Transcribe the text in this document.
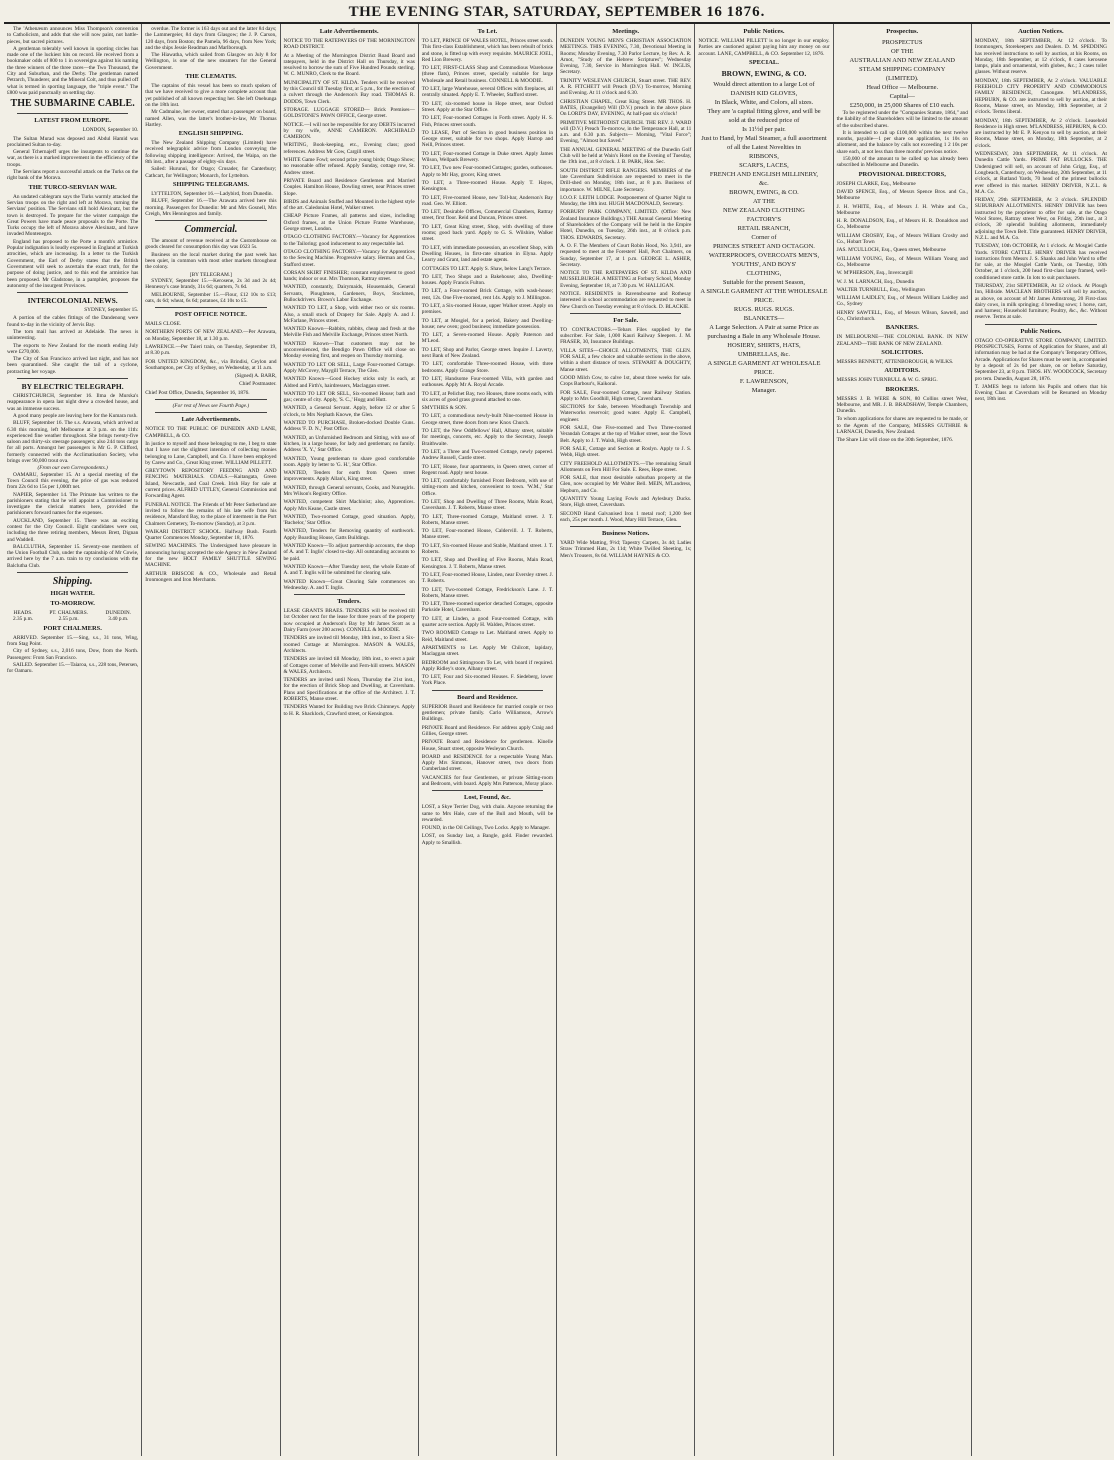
THE EVENING STAR, SATURDAY, SEPTEMBER 16 1876.

The 'Athenæum announces Miss Thompson's conversion to Catholicism, and adds that she will now paint, not battle-pieces, but sacred pictures.

A gentleman tolerably well known in sporting circles has made one of the luckiest hits on record. He received from a bookmaker odds of 800 to 1 in sovereigns against his naming the three winners of the three races—the Two Thousand, the City and Suburban, and the Derby. The gentleman named Petrarch, Thunderer, and the Mineral Colt, and thus pulled off what is termed in sporting language, the "triple event." The £800 was paid punctually on settling day.

THE SUBMARINE CABLE.
LATEST FROM EUROPE.

LONDON, September 10.

The Sultan Murad was deposed and Abdul Hamid was proclaimed Sultan to-day.

General Tchernajeff urges the insurgents to continue the war, as there is a marked improvement in the efficiency of the troops.

The Servians report a successful attack on the Turks on the right bank of the Morava.

THE TURCO-SERVIAN WAR.

An undated cablegram says the Turks warmly attacked the Servian troops on the right and left at Morava, turning the Servians' position. The Servians still hold Alexinatz, but the town is destroyed. To prepare for the winter campaign the Great Powers have made peace proposals to the Porte. The Turks occupy the left of Morava above Alexinatz, and have invaded Montenegro.

England has proposed to the Porte a month's armistice. Popular indignation is loudly expressed in England at Turkish atrocities, which are increasing. In a letter to the Turkish Government, the Earl of Derby states that the British Government will seek to ascertain the exact truth, for the purpose of doing justice, and to this end the armistice has been proposed. Mr Gladstone, in a pamphlet, proposes the autonomy of the insurgent Provinces.

INTERCOLONIAL NEWS.

SYDNEY, September 15.

A portion of the cables fittings of the Dandenong were found to-day in the vicinity of Jervis Bay.

The torn mail has arrived at Adelaide. The news is uninteresting.

The exports to New Zealand for the month ending July were £270,000.

The City of San Francisco arrived last night, and has not been quarantined. She caught the tail of a cyclone, protracting her voyage.

BY ELECTRIC TELEGRAPH.

CHRISTCHURCH, September 16. Ilma de Murska's reappearance in opera last night drew a crowded house, and was an immense success.

A good many people are leaving here for the Kumara rush.

BLUFF, September 16. The s.s. Arawata, which arrived at 6.30 this morning, left Melbourne at 3 p.m. on the 11th: experienced fine weather throughout. She brings twenty-five saloon and thirty-six steerage passengers; also 244 tons cargo for all ports. Amongst her passengers is Mr G. P. Clifford, formerly connected with the Acclimatisation Society, who brings over 90,000 trout ova.

(From our own Correspondents.)

OAMARU, September 15. At a special meeting of the Town Council this evening, the price of gas was reduced from 22s 6d to 15s per 1,000ft net.

NAPIER, September 14. The Primate has written to the parishioners stating that he will appoint a Commissioner to investigate the clerical matters here, provided the parishioners forward names for the expenses.

AUCKLAND, September 15. There was an exciting contest for the City Council. Eight candidates were out, including the three retiring members, Messrs Brett, Dignan and Waddell.

BALCLUTHA, September 15. Seventy-one members of the Union Football Club, under the captainship of Mr Cowie, arrived here by the 7 a.m. train to try conclusions with the Balclutha Club.

Shipping.
HIGH WATER.
TO-MORROW.
HEADS.	PT. CHALMERS.	DUNEDIN.
2.35 p.m.	2.55 p.m.	3.40 p.m.
PORT CHALMERS.

ARRIVED. September 15.—Sing, s.s., 31 tons, Wing, from Stag Point.

City of Sydney, s.s., 2,016 tons, Dow, from the North. Passengers: From San Francisco.

SAILED. September 15.—Taiaroa, s.s., 228 tons, Petersen, for Oamaru.

overdue. The former is 163 days out and the latter 84 days; the Lammergeier, 84 days from Glasgow; the J. P. Carson, 120 days, from Boston; the Pamela, 96 days, from New York; and the ships Jessie Readman and Marlborough.

The Hiawatha, which sailed from Glasgow on July 8 for Wellington, is one of the new steamers for the General Government.

THE CLEMATIS.

The captains of this vessel has been so much spoken of that we have received to give a more complete account than yet published of all known respecting her. She left Onehunga on the 18th inst.

Mr Cadmaine, her owner, stated that a passenger on board, named Allen, was the latter's brother-in-law, Mr Thomas Hartley.

ENGLISH SHIPPING.

The New Zealand Shipping Company (Limited) have received telegraphic advice from London conveying the following shipping intelligence: Arrived, the Waipa, on the 8th inst., after a passage of eighty-six days.

Sailed: Hurunui, for Otago; Crusader, for Canterbury; Cathcart, for Wellington; Monarch, for Lyttelton.

SHIPPING TELEGRAMS.

LYTTELTON, September 16.—Ladybird, from Dunedin.

BLUFF, September 16.—The Arawata arrived here this morning. Passengers for Dunedin: Mr and Mrs Gosnell, Mrs Creigh, Mrs Hennington and family.

Commercial.

The amount of revenue received at the Customhouse on goods cleared for consumption this day was £623 5s.

Business on the local market during the past week has been quiet, in common with most other markets throughout the colony.

[BY TELEGRAM.]

SYDNEY, September 15.—Kerosene, 2s 3d and 2s 4d; Hennessy's case brandy, 31s 6d; quartern, 7s 6d.

MELBOURNE, September 15.—Flour, £12 10s to £13; oats, 4s 6d; wheat, 6s 6d; potatoes, £4 10s to £5.

POST OFFICE NOTICE.

MAILS CLOSE.

NORTHERN PORTS OF NEW ZEALAND.—Per Arawata, on Monday, September 18, at 1.30 p.m.

LAWRENCE.—Per Taieri train, on Tuesday, September 19, at 8.30 p.m.

FOR UNITED KINGDOM, &c., via Brindisi, Ceylon and Southampton, per City of Sydney, on Wednesday, at 11 a.m.

(Signed) A. BARR,

Chief Postmaster.

Chief Post Office, Dunedin, September 16, 1876.

(For rest of News see Fourth Page.)

Late Advertisements.

NOTICE TO THE PUBLIC OF DUNEDIN AND LANE, CAMPBELL, & CO.

In justice to myself and those belonging to me, I beg to state that I have not the slightest intention of collecting monies belonging to Lane, Campbell, and Co. I have been employed by Carew and Co., Great King street. WILLIAM PILLETT.

GREYTOWN REPOSITORY FEEDING AND AND FENCING MATERIALS. COALS.—Kaitangata, Green Island, Newcastle, and Coal Creek. Irish Hay for sale at current prices. ALFRED UTTLEY, General Commission and Forwarding Agent.

FUNERAL NOTICE. The Friends of Mr Peter Sutherland are invited to follow the remains of his late wife from his residence, Mansford Bay, to the place of interment in the Port Chalmers Cemetery, To-morrow (Sunday), at 3 p.m.

WAIKARI DISTRICT SCHOOL. Halfway Bush. Fourth Quarter Commences Monday, September 18, 1876.

SEWING MACHINES. The Undersigned have pleasure in announcing having accepted the sole Agency in New Zealand for the new HOLT FAMILY SHUTTLE SEWING MACHINE.

ARTHUR BRISCOE & CO., Wholesale and Retail Ironmongers and Iron Merchants.

Late Advertisements.

NOTICE TO THE RATEPAYERS OF THE MORNINGTON ROAD DISTRICT.

At a Meeting of the Mornington District Road Board and ratepayers, held in the District Hall on Thursday, it was resolved to borrow the sum of Five Hundred Pounds sterling. W. C. MUNRO, Clerk to the Board.

MUNICIPALITY OF ST. KILDA. Tenders will be received by this Council till Tuesday first, at 5 p.m., for the erection of a culvert through the Anderson's Bay road. THOMAS R. DODDS, Town Clerk.

STORAGE. LUGGAGE STORED— Brick Premises— GOLDSTONE'S PAWN OFFICE, George street.

NOTICE.—I will not be responsible for any DEBTS incurred by my wife, ANNE CAMERON. ARCHIBALD CAMERON.

WRITING, Book-keeping, etc., Evening class; good references. Address Mr Gow, Cargill street.

WHITE Game Fowl; second prize young birds; Otago Show; no reasonable offer refused. Apply Sunday, cottage row, St. Andrew street.

PRIVATE Board and Residence Gentlemen and Married Couples. Hamilton House, Dowling street, near Princes street Slope.

BIRDS and Animals Stuffed and Mounted in the highest style of the art. Caledonian Hotel, Walker street.

CHEAP Picture Frames, all patterns and sizes, including Oxford frames, at the Union Picture Frame Warehouse, George street, London.

OTAGO CLOTHING FACTORY.—Vacancy for Apprentices to the Tailoring; good inducement to any respectable lad.

OTAGO CLOTHING FACTORY.—Vacancy for Apprentices to the Sewing Machine. Progressive salary. Herman and Co., Stafford street.

CORSAN SKIRT FINISHER; constant employment to good hands; indoor or out. Mrs Thomson, Rattray street.

WANTED, constantly, Dairymaids, Housemaids, General Servants, Ploughmen, Gardeners, Boys, Stockmen, Bullockdrivers. Brown's Labor Exchange.

WANTED TO LET, a Shop, with either two or six rooms. Also, a small stock of Drapery for Sale. Apply A. and J. McFarlane, Princes street.

WANTED Known—Rabbits, rabbits, cheap and fresh at the Melville Fish and Melville Exchange, Princes street North.

WANTED Known—That customers may not be unconvenienced, the Bendigo Pawn Office will close on Monday evening first, and reopen on Thursday morning.

WANTED TO LET OR SELL, Large Four-roomed Cottage. Apply McCovey, Maygill Terrace, The Glen.

WANTED Known—Good Hockey sticks only 1s each, at Aldred and Firth's, hairdressers, Maclaggan street.

WANTED TO LET OR SELL, Six-roomed House; bath and gas; centre of city. Apply, 'S. C.,' Hogg and Hutt.

WANTED, a General Servant. Apply, before 12 or after 5 o'clock, to Mrs Nephath Knowe, the Glen.

WANTED TO PURCHASE, Broken-docked Double Guns. Address 'F. D. N.,' Post Office.

WANTED, an Unfurnished Bedroom and Sitting, with use of kitchen, in a large house, for lady and gentleman; no family. Address 'X. Y.,' Star Office.

WANTED, Young gentleman to share good comfortable room. Apply by letter to 'G. H.', Star Office.

WANTED, Tenders for earth from Queen street improvements. Apply Allan's, King street.

WANTED, through General servants, Cooks, and Nursegirls. Mrs Wilson's Registry Office.

WANTED, competent Shirt Machinist; also, Apprentices. Apply Mrs Keane, Castle street.

WANTED, Two-roomed Cottage, good situation. Apply, 'Bachelor,' Star Office.

WANTED, Tenders for Removing quantity of earthwork. Apply Boarding House, Gatts Buildings.

WANTED Known—To adjust partnership accounts, the shop of A. and T. Inglis' closed to-day. All outstanding accounts to be paid.

WANTED Known—After Tuesday next, the whole Estate of A. and T. Inglis will be submitted for clearing sale.

WANTED Known—Great Clearing Sale commences on Wednesday. A. and T. Inglis.

Tenders.

LEASE GRANTS BRAES. TENDERS will be received till 1st October next for the lease for three years of the property now occupied at Anderson's Bay by Mr James Scott as a Dairy Farm (over 200 acres). CONNELL & MOODIE.

TENDERS are invited till Monday, 18th inst., to Erect a Six-roomed Cottage at Mornington. MASON & WALES, Architects.

TENDERS are invited till Monday, 18th inst., to erect a pair of Cottages corner of Melville and Fern-hill streets. MASON & WALES, Architects.

TENDERS are invited until Noon, Thursday the 21st inst., for the erection of Brick Shop and Dwelling, at Caversham. Plans and Specifications at the office of the Architect. J. T. ROBERTS, Manse street.

TENDERS Wanted for Building two Brick Chimneys. Apply to H. R. Shacklock, Crawford street, or Kensington.

To Let.

TO LET, PRINCE OF WALES HOTEL, Princes street south. This first-class Establishment, which has been rebuilt of brick and stone, is fitted up with every requisite. MAURICE JOEL, Red Lion Brewery.

TO LET, FIRST-CLASS Shop and Commodious Warehouse (three flats), Princes street, specially suitable for large Wholesale and Retail business. CONNELL & MOODIE.

TO LET, large Warehouse, several Offices with fireplaces, all centrally situated. Apply E. T. Wheeler, Stafford street.

TO LET, six-roomed house in Hope street, near Oxford Street. Apply at the Star Office.

TO LET, Four-roomed Cottages in Forth street. Apply H. S. Fish, Princes street south.

TO LEASE, Part of Section in good business position in George street, suitable for two shops. Apply Harrop and Neill, Princes street.

TO LET, Four-roomed Cottage in Duke street. Apply James Wilson, Wellpark Brewery.

TO LET, Two new Four-roomed Cottages; garden, outhouses. Apply to Mr Hay, grocer, King street.

TO LET, a Three-roomed House. Apply T. Hayes, Kensington.

TO LET, Five-roomed House, new Toll-bar, Anderson's Bay road. Geo. W. Elliott.

TO LET, Desirable Offices, Commercial Chambers, Rattray street, first floor. Reid and Duncan, Princes street.

TO LET, Great King street, Shop, with dwelling of three rooms; good back yard. Apply to G. S. Wilshire, Walker street.

TO LET, with immediate possession, an excellent Shop, with Dwelling Houses, in first-rate situation in Elyna. Apply Learry and Grant, land and estate agents.

COTTAGES TO LET. Apply S. Shaw, below Lang's Terrace.

TO LET, Two Shops and a Bakehouse; also, Dwelling-houses. Apply Francis Fulton.

TO LET, a Four-roomed Brick Cottage, with wash-house; rent, 12s. One Five-roomed, rent 14s. Apply to J. Millington.

TO LET, a Six-roomed House, upper Walker street. Apply on premises.

TO LET, at Mosgiel, for a period, Bakery and Dwelling-house; new oven; good business; immediate possession.

TO LET, a Seven-roomed House. Apply Paterson and M'Leod.

TO LET, Shop and Parlor, George street. Inquire J. Laverty, next Bank of New Zealand.

TO LET, comfortable Three-roomed House, with three bedrooms. Apply Grange Store.

TO LET, Handsome Four-roomed Villa, with garden and outhouses. Apply Mr A. Royal Arcade.

TO LET, at Pelichet Bay, two Houses, three rooms each, with six acres of good grass ground attached to one.

SMYTHIES & SON.

TO LET, a commodious newly-built Nine-roomed House in George street, three doors from new Knox Church.

TO LET, the New Oddfellows' Hall, Albany street, suitable for meetings, concerts, etc. Apply to the Secretary, Joseph Braithwaite.

TO LET, a Three and Two-roomed Cottage, newly papered. Andrew Russell, Castle street.

TO LET, House, four apartments, in Queen street, corner of Regent road. Apply next house.

TO LET, comfortably furnished Front Bedroom, with use of sitting-room and kitchen, convenient to town. 'W.M.,' Star Office.

TO LET, Shop and Dwelling of Three Rooms, Main Road, Caversham. J. T. Roberts, Manse street.

TO LET, Three-roomed Cottage, Maitland street. J. T. Roberts, Manse street.

TO LET, Four-roomed House, Caldervill. J. T. Roberts, Manse street.

TO LET, Six-roomed House and Stable, Maitland street. J. T. Roberts.

TO LET, Shop and Dwelling of Five Rooms, Main Road, Kensington. J. T. Roberts, Manse street.

TO LET, Four-roomed House, Linden, near Eversley street. J. T. Roberts.

TO LET, Two-roomed Cottage, Fredrickson's Lane. J. T. Roberts, Manse street.

TO LET, Three-roomed superior detached Cottages, opposite Parkside Hotel, Caversham.

TO LET, at Linden, a good Four-roomed Cottage, with quarter acre section. Apply H. Walden, Princes street.

TWO ROOMED Cottage to Let. Maitland street. Apply to Reid, Maitland street.

APARTMENTS to Let. Apply Mr Chilcott, lapidary, Maclaggan street.

BEDROOM and Sittingroom To Let, with board if required. Apply Ridley's store, Albany street.

TO LET, Four and Six-roomed Houses. F. Siedeberg, lower York Place.

Board and Residence.

SUPERIOR Board and Residence for married couple or two gentlemen; private family. Carlo Williamson, Arrow's Buildings.

PRIVATE Board and Residence. For address apply Craig and Gillies, George street.

PRIVATE Board and Residence for gentlemen. Kinelle House, Stuart street, opposite Wesleyan Church.

BOARD and RESIDENCE for a respectable Young Man. Apply Mrs Simmons, Hanover street, two doors from Cumberland street.

VACANCIES for four Gentlemen, or private Sitting-room and Bedroom, with board. Apply Mrs Patterson, Moray place.

Lost, Found, &c.

LOST, a Skye Terrier Dog, with chain. Anyone returning the same to Mrs Hale, care of the Bull and Mouth, will be rewarded.

FOUND, in the Oil Ceilings, Two Locks. Apply to Manager.

LOST, on Sunday last, a Bangle, gold. Finder rewarded. Apply to Smallish.

Meetings.

DUNEDIN YOUNG MEN'S CHRISTIAN ASSOCIATION MEETINGS. THIS EVENING, 7.30, Devotional Meeting in Rooms; Monday Evening, 7.30 Parlor Lecture, by Rev. A. R. Arnot, "Study of the Hebrew Scriptures"; Wednesday Evening, 7.30, Service in Mornington Hall. W. INGLIS, Secretary.

TRINITY WESLEYAN CHURCH, Stuart street. THE REV. A. R. FITCHETT will Preach (D.V.) To-morrow, Morning and Evening. At 11 o'clock and 6.30.

CHRISTIAN CHAPEL, Great King Street. MR THOS. H. BATES, (Evangelist) Will (D.V.) preach in the above place On LORD'S DAY, EVENING, At half-past six o'clock!

PRIMITIVE METHODIST CHURCH. THE REV. J. WARD will (D.V.) Preach To-morrow, in the Temperance Hall, at 11 a.m. and 6.30 p.m. Subjects— Morning, "Vital Force"; Evening, "Almost but Saved."

THE ANNUAL GENERAL MEETING of the Dunedin Golf Club will be held at Wain's Hotel on the Evening of Tuesday, the 19th inst., at 8 o'clock. J. B. PARK, Hon. Sec.

SOUTH DISTRICT RIFLE RANGERS. MEMBERS of the late Caversham Subdivision are requested to meet in the Drill-shed on Monday, 18th inst., at 8 p.m. Business of importance. W. MILNE, Late Secretary.

I.O.O.F. LEITH LODGE. Postponement of Quarter Night to Monday, the 18th inst. HUGH MACDONALD, Secretary.

FORBURY PARK COMPANY, LIMITED. (Office: New Zealand Insurance Buildings.) THE Annual General Meeting of Shareholders of the Company will be held in the Empire Hotel, Dunedin, on Tuesday, 26th inst., at 8 o'clock p.m. THOS. EDWARDS, Secretary.

A. O. F. The Members of Court Robin Hood, No. 3,941, are requested to meet at the Foresters' Hall, Port Chalmers, on Sunday, September 17, at 1 p.m. GEORGE L. ASHER, Secretary.

NOTICE TO THE RATEPAYERS OF ST. KILDA AND MUSSELBURGH. A MEETING at Forbury School, Monday Evening, September 18, at 7.30 p.m. W. HALLIGAN.

NOTICE. RESIDENTS in Ravensbourne and Rothesay interested in school accommodation are requested to meet in New Church on Tuesday evening at 8 o'clock. D. BLACKIE.

For Sale.

TO CONTRACTORS.—Tebars Files supplied by the subscriber. For Sale, 1,000 Kauri Railway Sleepers. J. M. FRASER, 30, Insurance Buildings.

VILLA SITES—CHOICE ALLOTMENTS, THE GLEN. FOR SALE, a few choice and valuable sections in the above, within a short distance of town. STEWART & DOUGHTY, Manse street.

GOOD Milch Cow, to calve 1st, about three weeks for sale. Crops Barbour's, Kaikorai.

FOR SALE, Four-roomed Cottage, near Railway Station. Apply to Mrs Goodhill, High street, Caversham.

SECTIONS for Sale, between Woodhaugh Township and Waterworks reservoir; good water. Apply E. Campbell, engineer.

FOR SALE, One Five-roomed and Two Three-roomed Verandah Cottages at the top of Walker street, near the Town Belt. Apply to J. T. Walsh, High street.

FOR SALE, Cottage and Section at Roslyn. Apply to J. S. Webb, High street.

CITY FREEHOLD ALLOTMENTS.—The remaining Small Allotments on Fern Hill For Sale. E. Rees, Hope street.

FOR SALE, that most desirable suburban property at the Glen, now occupied by Mr Walter Bell. MEIN, M'Landress, Hepburn, and Co.

QUANTITY Young Laying Fowls and Aylesbury Ducks. Store, High street, Caversham.

SECOND Hand Galvanised Iron 1 metal roof; 1,200 feet each, 25s per month. J. Wood, Mary Hill Terrace, Glen.

Business Notices.

YARD Wide Matting, 9½d; Tapestry Carpets, 3s 4d; Ladies Straw Trimmed Hats, 2s 11d; White Twilled Sheeting, 1s; Men's Trousers, 8s 6d. WILLIAM HAYNES & CO.

Public Notices.

NOTICE. WILLIAM PILLETT is no longer in our employ. Parties are cautioned against paying him any money on our account. LANE, CAMPBELL, & CO. September 12, 1876.

SPECIAL.
BROWN, EWING, & CO.

Would direct attention to a large Lot of

DANISH KID GLOVES,

In Black, White, and Colors, all sizes.

They are 'a capital fitting glove, and will be

sold at the reduced price of

Is 11½d per pair.

Just to Hand, by Mail Steamer, a full assortment of all the Latest Novelties in

RIBBONS,

SCARFS, LACES,

FRENCH AND ENGLISH MILLINERY,

&c.

BROWN, EWING, & CO.

AT THE

NEW ZEALAND CLOTHING

FACTORY'S

RETAIL BRANCH,

Corner of

PRINCES STREET AND OCTAGON.

WATERPROOFS, OVERCOATS MEN'S,

YOUTHS', AND BOYS'

CLOTHING,

Suitable for the present Season,

A SINGLE GARMENT AT THE WHOLESALE PRICE.

RUGS. RUGS. RUGS.

BLANKETS—

A Large Selection. A Pair at same Price as purchasing a Bale in any Wholesale House.

HOSIERY, SHIRTS, HATS,

UMBRELLAS, &c.

A SINGLE GARMENT AT WHOLESALE PRICE.

F. LAWRENSON,

Manager.

Prospectus.

PROSPECTUS

OF THE

AUSTRALIAN AND NEW ZEALAND

STEAM SHIPPING COMPANY

(LIMITED).

Head Office — Melbourne.

Capital—

£250,000, in 25,000 Shares of £10 each.

To be registered under the "Companies Statute, 1864," and the liability of the Shareholders will be limited to the amount of the subscribed shares.

It is intended to call up £100,000 within the next twelve months, payable—1 per share on application, 1s 10s on allotment, and the balance by calls not exceeding 1 2 10s per share each, at not less than three months' previous notice.

150,000 of the amount to be called up has already been subscribed in Melbourne and Dunedin.

PROVISIONAL DIRECTORS,

JOSEPH CLARKE, Esq., Melbourne

DAVID SPENCE, Esq., of Messrs Spence Bros. and Co., Melbourne

J. H. WHITE, Esq., of Messrs J. H. White and Co., Melbourne

H. R. DONALDSON, Esq., of Messrs H. R. Donaldson and Co., Melbourne

WILLIAM CROSBY, Esq., of Messrs William Crosby and Co., Hobart Town

JAS. M'CULLOCH, Esq., Queen street, Melbourne

WILLIAM YOUNG, Esq., of Messrs William Young and Co., Melbourne

W. M'PHERSON, Esq., Invercargill

W. J. M. LARNACH, Esq., Dunedin

WALTER TURNBULL, Esq., Wellington

WILLIAM LAIDLEY, Esq., of Messrs William Laidley and Co., Sydney

HENRY SAWTELL, Esq., of Messrs Wilson, Sawtell, and Co., Christchurch.

BANKERS.

IN MELBOURNE—THE COLONIAL BANK. IN NEW ZEALAND—THE BANK OF NEW ZEALAND.

SOLICITORS.

MESSRS BENNETT, ATTENBOROUGH, & WILKS.

AUDITORS.

MESSRS JOHN TURNBULL & W. G. SPRIG.

BROKERS.

MESSRS J. B. WERE & SON, 80 Collins street West, Melbourne, and MR. J. B. BRADSHAW, Temple Chambers, Dunedin.

To whom applications for shares are requested to be made, or to the Agents of the Company, MESSRS GUTHRIE & LARNACH, Dunedin, New Zealand.

The Share List will close on the 30th September, 1876.

Auction Notices.

MONDAY, 18th SEPTEMBER, At 12 o'clock. To Ironmongers, Storekeepers and Dealers. D. M. SPEDDING has received instructions to sell by auction, at his Rooms, on Monday, 18th September, at 12 o'clock, 8 cases kerosene lamps, plain and ornamental, with globes, &c.; 3 cases toilet glasses. Without reserve.

MONDAY, 18th SEPTEMBER, At 2 o'clock. VALUABLE FREEHOLD CITY PROPERTY AND COMMODIOUS FAMILY RESIDENCE, Canongate. M'LANDRESS, HEPBURN, & CO. are instructed to sell by auction, at their Rooms, Manse street, on Monday, 18th September, at 2 o'clock. Terms liberal.

MONDAY, 18th SEPTEMBER, At 2 o'clock. Leasehold Residence in High street. M'LANDRESS, HEPBURN, & CO. are instructed by Mr E. P. Kenyon to sell by auction, at their Rooms, Manse street, on Monday, 18th September, at 2 o'clock.

WEDNESDAY, 20th SEPTEMBER, At 11 o'clock. At Dunedin Cattle Yards. PRIME FAT BULLOCKS. THE Undersigned will sell, on account of John Grigg, Esq., of Longbeach, Canterbury, on Wednesday, 20th September, at 11 o'clock, at Rutland Yards, 70 head of the primest bullocks ever offered in this market. HENRY DRIVER, N.Z.L. & M.A. Co.

FRIDAY, 29th SEPTEMBER, At 3 o'clock. SPLENDID SUBURBAN ALLOTMENTS. HENRY DRIVER has been instructed by the proprietor to offer for sale, at the Otago Wool Stores, Rattray street West, on Friday, 29th inst., at 3 o'clock, 30 splendid building allotments, immediately adjoining the Town Belt. Title guaranteed. HENRY DRIVER, N.Z.L. and M.A. Co.

TUESDAY, 10th OCTOBER, At 1 o'clock. At Mosgiel Cattle Yards. STORE CATTLE. HENRY DRIVER has received instructions from Messrs J. S. Shanks and John Ward to offer for sale, at the Mosgiel Cattle Yards, on Tuesday, 10th October, at 1 o'clock, 200 head first-class large framed, well-conditioned store cattle. In lots to suit purchasers.

THURSDAY, 21st SEPTEMBER, At 12 o'clock. At Plough Inn, Hillside. MACLEAN BROTHERS will sell by auction, as above, on account of Mr James Armstrong, 20 First-class dairy cows, in milk springing; 4 breeding sows; 1 horse, cart, and harness; Household furniture; Poultry, &c., &c. Without reserve. Terms at sale.

Public Notices.

OTAGO CO-OPERATIVE STORE COMPANY, LIMITED. PROSPECTUSES, Forms of Application for Shares, and all information may be had at the Company's Temporary Offices, Arcade. Applications for Shares must be sent in, accompanied by a deposit of 2s 6d per share, on or before Saturday, September 23, at 8 p.m. THOS. HY. WOODCOCK, Secretary pro tem. Dunedin, August 28, 1876.

T. JAMES begs to inform his Pupils and others that his Evening Class at Caversham will be Resumed on Monday next, 18th inst.
